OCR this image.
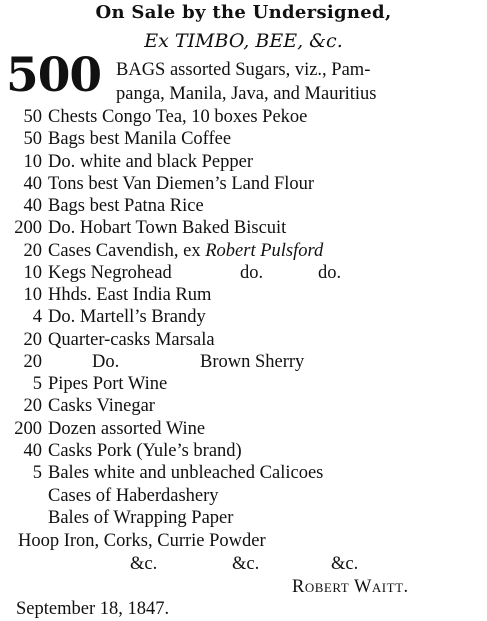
On Sale by the Undersigned,
Ex TIMBO, BEE, &c.
500 BAGS assorted Sugars, viz., Pam-
panga, Manila, Java, and Mauritius
50 Chests Congo Tea, 10 boxes Pekoe
50 Bags best Manila Coffee
10 Do. white and black Pepper
40 Tons best Van Diemen’s Land Flour
40 Bags best Patna Rice
200 Do. Hobart Town Baked Biscuit
20 Cases Cavendish, ex Robert Pulsford
10 Kegs Negrohead	do.	do.
10 Hhds. East India Rum
4 Do. Martell’s Brandy
20 Quarter-casks Marsala
20	Do.	Brown Sherry
5 Pipes Port Wine
20 Casks Vinegar
200 Dozen assorted Wine
40 Casks Pork (Yule’s brand)
5 Bales white and unbleached Calicoes
Cases of Haberdashery
Bales of Wrapping Paper
Hoop Iron, Corks, Currie Powder
&c.	&c.	&c.
Robert Waitt.
September 18, 1847.
